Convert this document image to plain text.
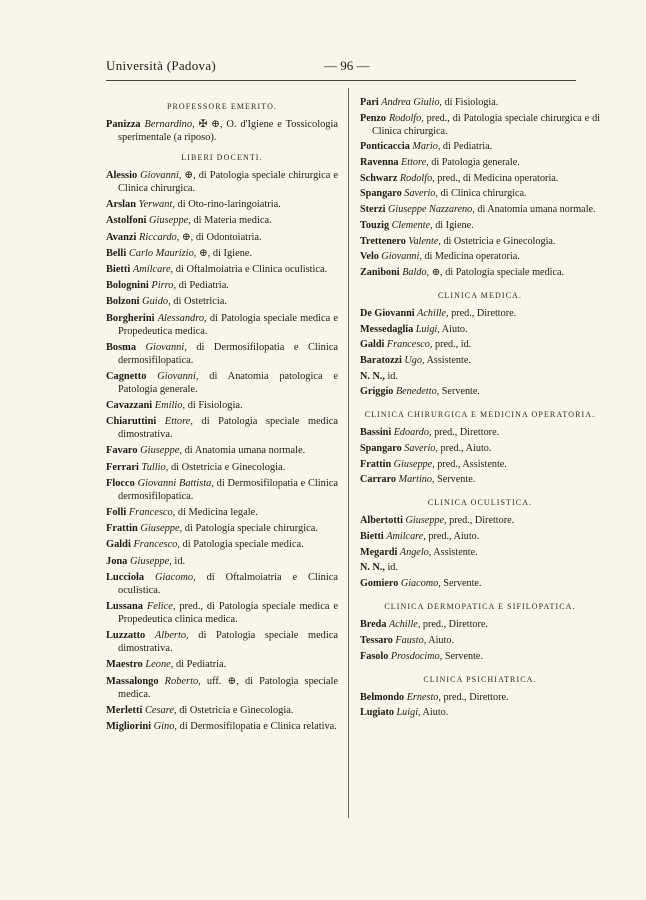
Università (Padova)	— 96 —
PROFESSORE EMERITO.
Panizza Bernardino, ✠ ⊕, O. d'Igiene e Tossicologia sperimentale (a riposo).
LIBERI DOCENTI.
Alessio Giovanni, ⊕, di Patologia speciale chirurgica e Clinica chirurgica.
Arslan Yerwant, di Oto-rino-laringoiatria.
Astolfoni Giuseppe, di Materia medica.
Avanzi Riccardo, ⊕, di Odontoiatria.
Belli Carlo Maurizio, ⊕, di Igiene.
Bietti Amilcare, di Oftalmoiatria e Clinica oculistica.
Bolognini Pirro, di Pediatria.
Bolzoni Guido, di Ostetricia.
Borgherini Alessandro, di Patologia speciale medica e Propedeutica medica.
Bosma Giovanni, di Dermosifilopatia e Clinica dermosifilopatica.
Cagnetto Giovanni, di Anatomia patologica e Patologia generale.
Cavazzani Emilio, di Fisiologia.
Chiaruttini Ettore, di Patologia speciale medica dimostrativa.
Favaro Giuseppe, di Anatomia umana normale.
Ferrari Tullio, di Ostetricia e Ginecologia.
Flocco Giovanni Battista, di Dermosifilopatia e Clinica dermosifilopatica.
Folli Francesco, di Medicina legale.
Frattin Giuseppe, di Patologia speciale chirurgica.
Galdi Francesco, di Patologia speciale medica.
Jona Giuseppe, id.
Lucciola Giacomo, di Oftalmoiatria e Clinica oculistica.
Lussana Felice, pred., di Patologia speciale medica e Propedeutica clinica medica.
Luzzatto Alberto, di Patologia speciale medica dimostrativa.
Maestro Leone, di Pediatria.
Massalongo Roberto, uff. ⊕, di Patologia speciale medica.
Merletti Cesare, di Ostetricia e Ginecologia.
Migliorini Gino, di Dermosifilopatia e Clinica relativa.
Pari Andrea Giulio, di Fisiologia.
Penzo Rodolfo, pred., di Patologia speciale chirurgica e di Clinica chirurgica.
Ponticaccia Mario, di Pediatria.
Ravenna Ettore, di Patologia generale.
Schwarz Rodolfo, pred., di Medicina operatoria.
Spangaro Saverio, di Clinica chirurgica.
Sterzi Giuseppe Nazzareno, di Anatomia umana normale.
Touzig Clemente, di Igiene.
Trettenero Valente, di Ostetricia e Ginecologia.
Velo Giovanni, di Medicina operatoria.
Zaniboni Baldo, ⊕, di Patologia speciale medica.
CLINICA MEDICA.
De Giovanni Achille, pred., Direttore.
Messedaglia Luigi, Aiuto.
Galdi Francesco, pred., id.
Baratozzi Ugo, Assistente.
N. N., id.
Griggio Benedetto, Servente.
CLINICA CHIRURGICA E MEDICINA OPERATORIA.
Bassini Edoardo, pred., Direttore.
Spangaro Saverio, pred., Aiuto.
Frattin Giuseppe, pred., Assistente.
Carraro Martino, Servente.
CLINICA OCULISTICA.
Albertotti Giuseppe, pred., Direttore.
Bietti Amilcare, pred., Aiuto.
Megardi Angelo, Assistente.
N. N., id.
Gomiero Giacomo, Servente.
CLINICA DERMOPATICA E SIFILOPATICA.
Breda Achille, pred., Direttore.
Tessaro Fausto, Aiuto.
Fasolo Prosdocimo, Servente.
CLINICA PSICHIATRICA.
Belmondo Ernesto, pred., Direttore.
Lugiato Luigi, Aiuto.
